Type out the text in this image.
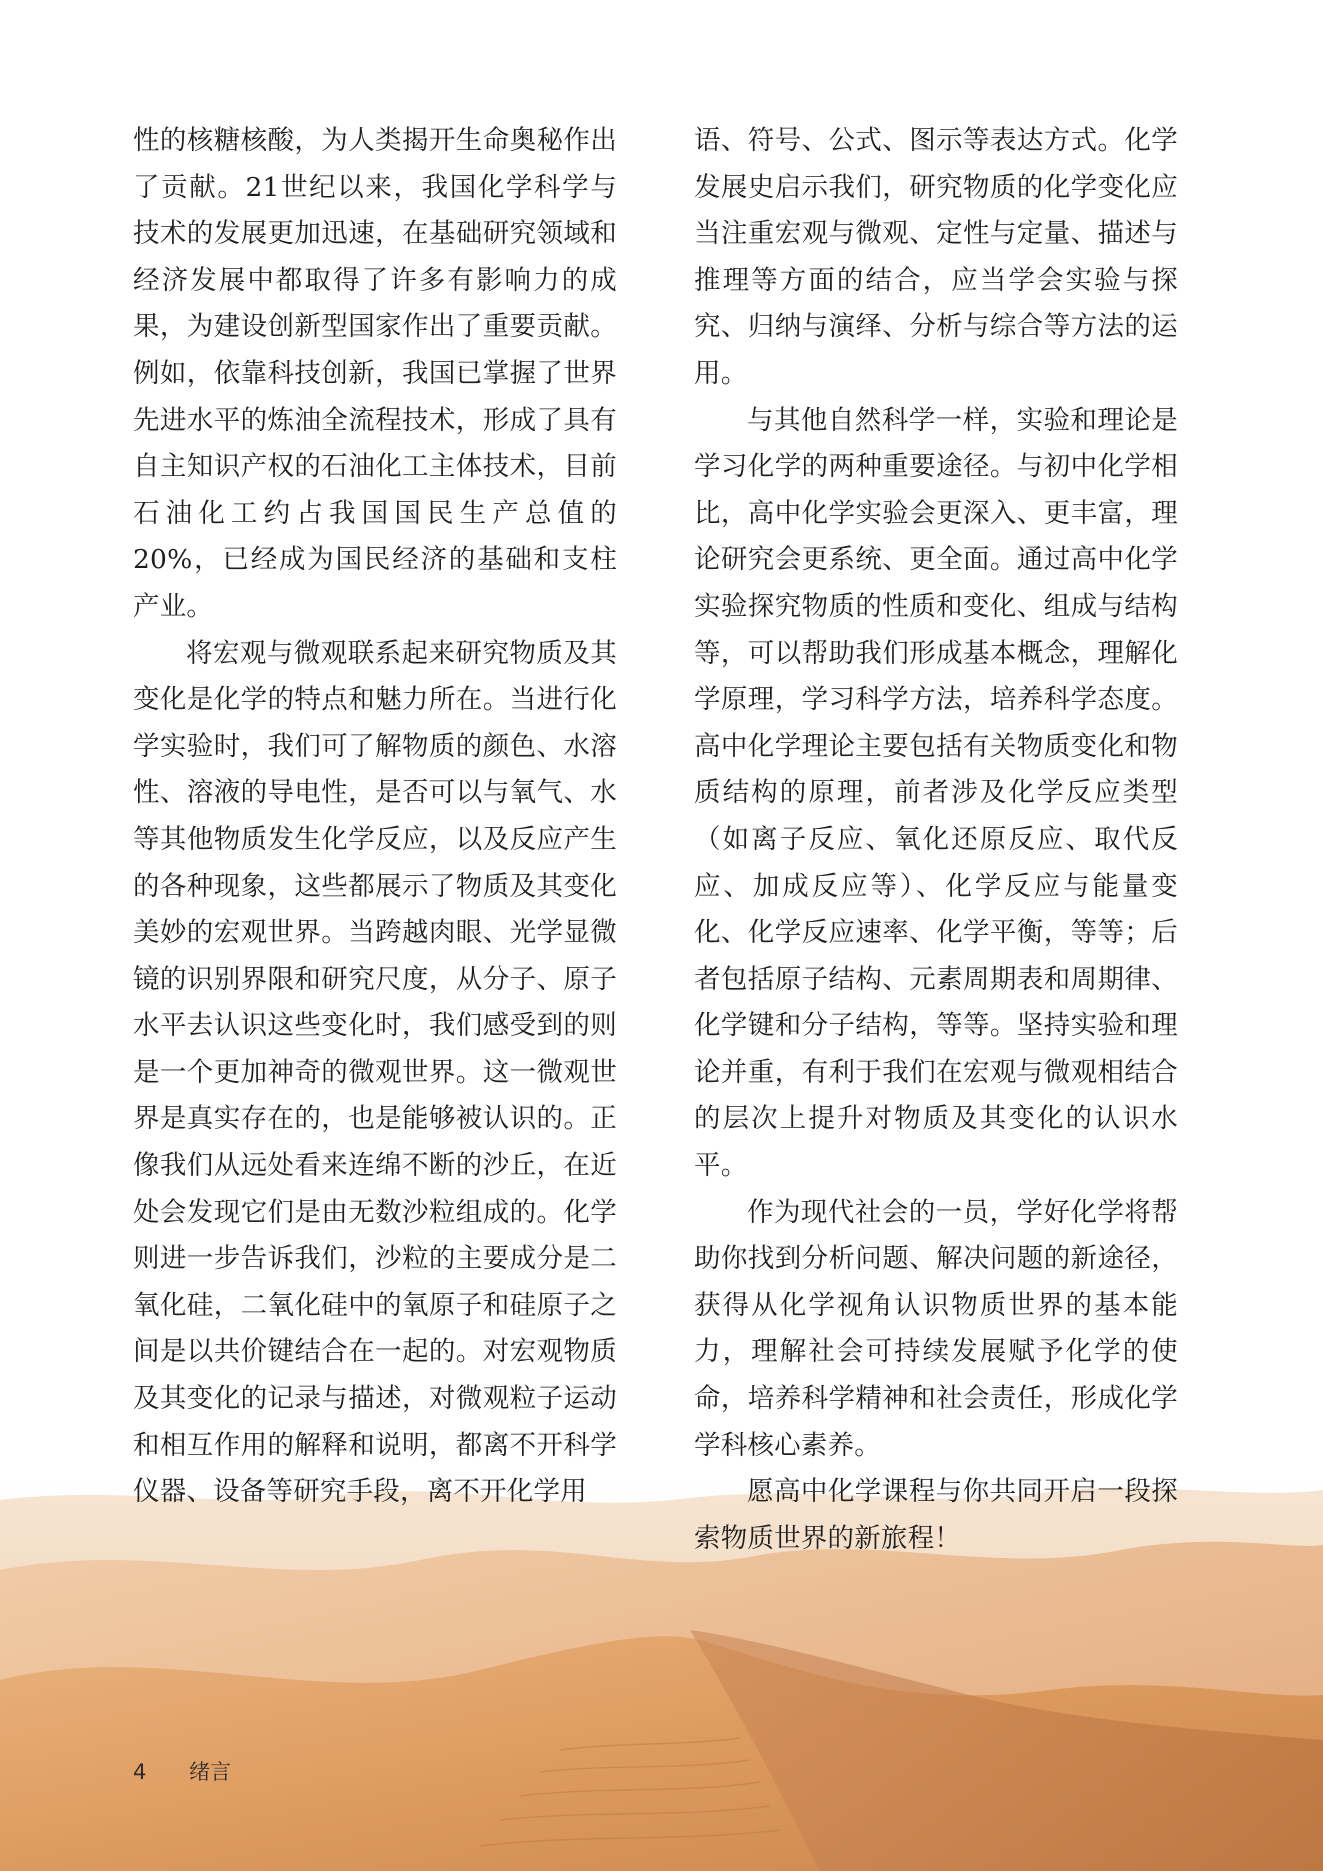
性的核糖核酸，为人类揭开生命奥秘作出了贡献。21世纪以来，我国化学科学与技术的发展更加迅速，在基础研究领域和经济发展中都取得了许多有影响力的成果，为建设创新型国家作出了重要贡献。例如，依靠科技创新，我国已掌握了世界先进水平的炼油全流程技术，形成了具有自主知识产权的石油化工主体技术，目前石油化工约占我国国民生产总值的20%，已经成为国民经济的基础和支柱产业。

将宏观与微观联系起来研究物质及其变化是化学的特点和魅力所在。当进行化学实验时，我们可了解物质的颜色、水溶性、溶液的导电性，是否可以与氧气、水等其他物质发生化学反应，以及反应产生的各种现象，这些都展示了物质及其变化美妙的宏观世界。当跨越肉眼、光学显微镜的识别界限和研究尺度，从分子、原子水平去认识这些变化时，我们感受到的则是一个更加神奇的微观世界。这一微观世界是真实存在的，也是能够被认识的。正像我们从远处看来连绵不断的沙丘，在近处会发现它们是由无数沙粒组成的。化学则进一步告诉我们，沙粒的主要成分是二氧化硅，二氧化硅中的氧原子和硅原子之间是以共价键结合在一起的。对宏观物质及其变化的记录与描述，对微观粒子运动和相互作用的解释和说明，都离不开科学仪器、设备等研究手段，离不开化学用

语、符号、公式、图示等表达方式。化学发展史启示我们，研究物质的化学变化应当注重宏观与微观、定性与定量、描述与推理等方面的结合，应当学会实验与探究、归纳与演绎、分析与综合等方法的运用。

与其他自然科学一样，实验和理论是学习化学的两种重要途径。与初中化学相比，高中化学实验会更深入、更丰富，理论研究会更系统、更全面。通过高中化学实验探究物质的性质和变化、组成与结构等，可以帮助我们形成基本概念，理解化学原理，学习科学方法，培养科学态度。高中化学理论主要包括有关物质变化和物质结构的原理，前者涉及化学反应类型（如离子反应、氧化还原反应、取代反应、加成反应等）、化学反应与能量变化、化学反应速率、化学平衡，等等；后者包括原子结构、元素周期表和周期律、化学键和分子结构，等等。坚持实验和理论并重，有利于我们在宏观与微观相结合的层次上提升对物质及其变化的认识水平。

作为现代社会的一员，学好化学将帮助你找到分析问题、解决问题的新途径，获得从化学视角认识物质世界的基本能力，理解社会可持续发展赋予化学的使命，培养科学精神和社会责任，形成化学学科核心素养。

愿高中化学课程与你共同开启一段探索物质世界的新旅程！

4 绪言
